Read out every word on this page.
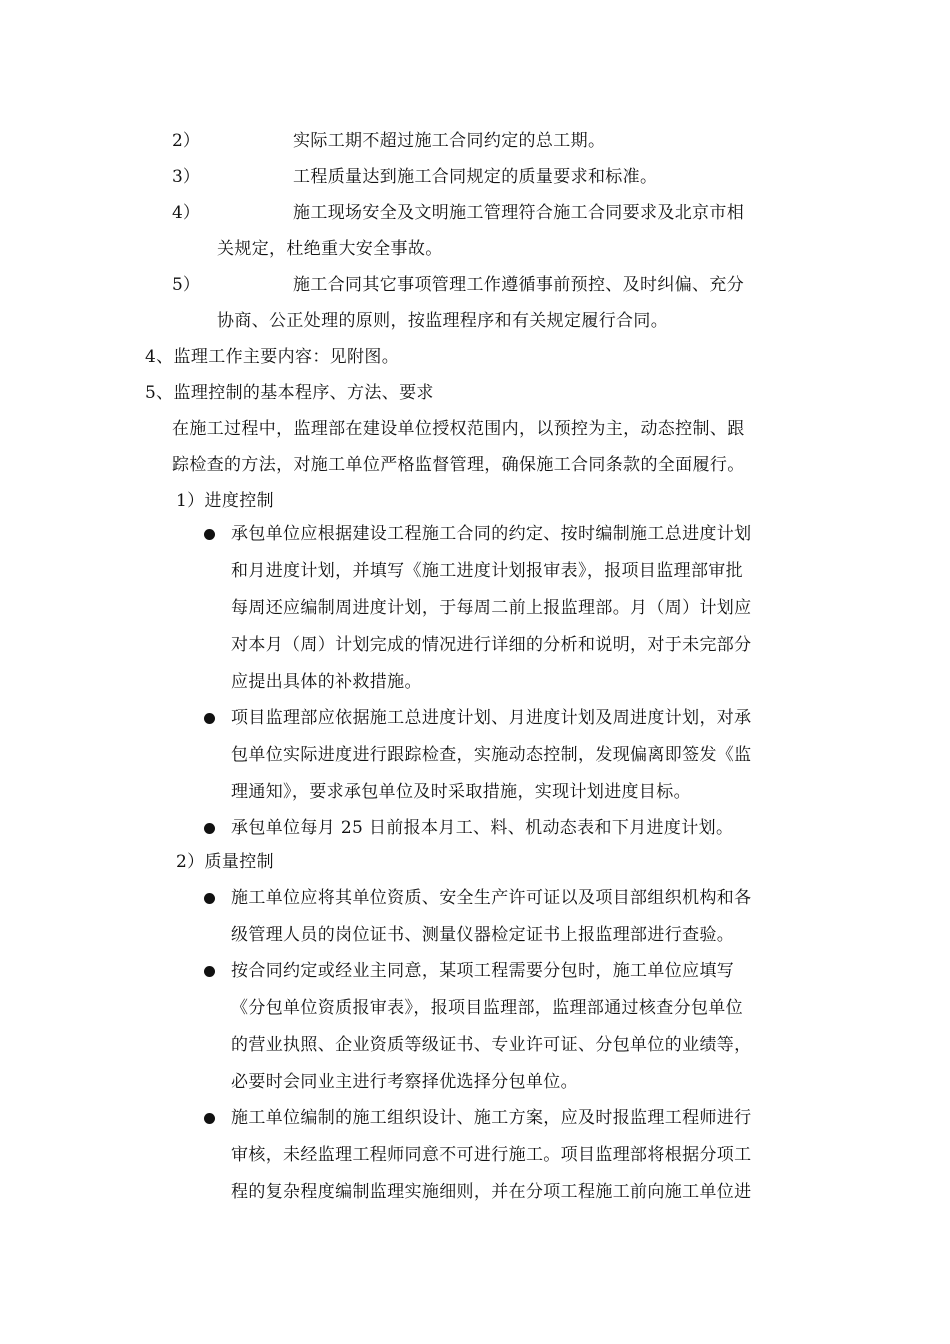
2）	实际工期不超过施工合同约定的总工期。
3）	工程质量达到施工合同规定的质量要求和标准。
4）	施工现场安全及文明施工管理符合施工合同要求及北京市相
关规定，杜绝重大安全事故。
5）	施工合同其它事项管理工作遵循事前预控、及时纠偏、充分
协商、公正处理的原则，按监理程序和有关规定履行合同。
4、监理工作主要内容：见附图。
5、监理控制的基本程序、方法、要求
在施工过程中，监理部在建设单位授权范围内，以预控为主，动态控制、跟
踪检查的方法，对施工单位严格监督管理，确保施工合同条款的全面履行。
1）进度控制
承包单位应根据建设工程施工合同的约定、按时编制施工总进度计划
和月进度计划，并填写《施工进度计划报审表》，报项目监理部审批
每周还应编制周进度计划，于每周二前上报监理部。月（周）计划应
对本月（周）计划完成的情况进行详细的分析和说明，对于未完部分
应提出具体的补救措施。
项目监理部应依据施工总进度计划、月进度计划及周进度计划，对承
包单位实际进度进行跟踪检查，实施动态控制，发现偏离即签发《监
理通知》，要求承包单位及时采取措施，实现计划进度目标。
承包单位每月 25 日前报本月工、料、机动态表和下月进度计划。
2）质量控制
施工单位应将其单位资质、安全生产许可证以及项目部组织机构和各
级管理人员的岗位证书、测量仪器检定证书上报监理部进行查验。
按合同约定或经业主同意，某项工程需要分包时，施工单位应填写
《分包单位资质报审表》，报项目监理部，监理部通过核查分包单位
的营业执照、企业资质等级证书、专业许可证、分包单位的业绩等，
必要时会同业主进行考察择优选择分包单位。
施工单位编制的施工组织设计、施工方案，应及时报监理工程师进行
审核，未经监理工程师同意不可进行施工。项目监理部将根据分项工
程的复杂程度编制监理实施细则，并在分项工程施工前向施工单位进
